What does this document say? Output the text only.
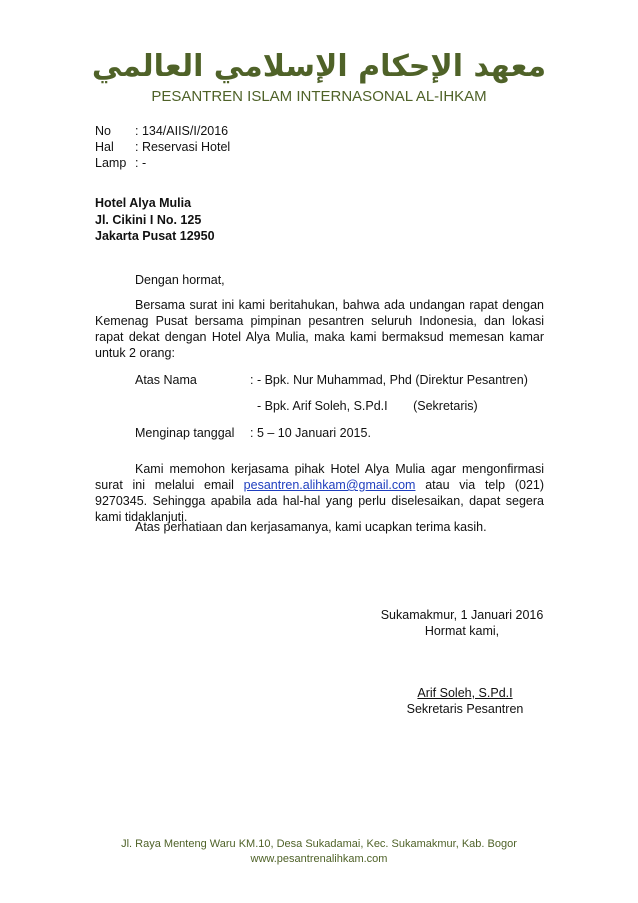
معهد الإحكام الإسلامي العالمي
PESANTREN ISLAM INTERNASONAL AL-IHKAM
No : 134/AIIS/I/2016
Hal : Reservasi Hotel
Lamp : -
Hotel Alya Mulia
Jl. Cikini I No. 125
Jakarta Pusat 12950
Dengan hormat,
Bersama surat ini kami beritahukan, bahwa ada undangan rapat dengan Kemenag Pusat bersama pimpinan pesantren seluruh Indonesia, dan lokasi rapat dekat dengan Hotel Alya Mulia, maka kami bermaksud memesan kamar untuk 2 orang:
Atas Nama	: - Bpk. Nur Muhammad, Phd (Direktur Pesantren)
- Bpk. Arif Soleh, S.Pd.I (Sekretaris)
Menginap tanggal : 5 – 10 Januari 2015.
Kami memohon kerjasama pihak Hotel Alya Mulia agar mengonfirmasi surat ini melalui email pesantren.alihkam@gmail.com atau via telp (021) 9270345. Sehingga apabila ada hal-hal yang perlu diselesaikan, dapat segera kami tidaklanjuti.
Atas perhatiaan dan kerjasamanya, kami ucapkan terima kasih.
Sukamakmur, 1 Januari 2016
Hormat kami,
Arif Soleh, S.Pd.I
Sekretaris Pesantren
Jl. Raya Menteng Waru KM.10, Desa Sukadamai, Kec. Sukamakmur, Kab. Bogor
www.pesantrenalihkam.com
